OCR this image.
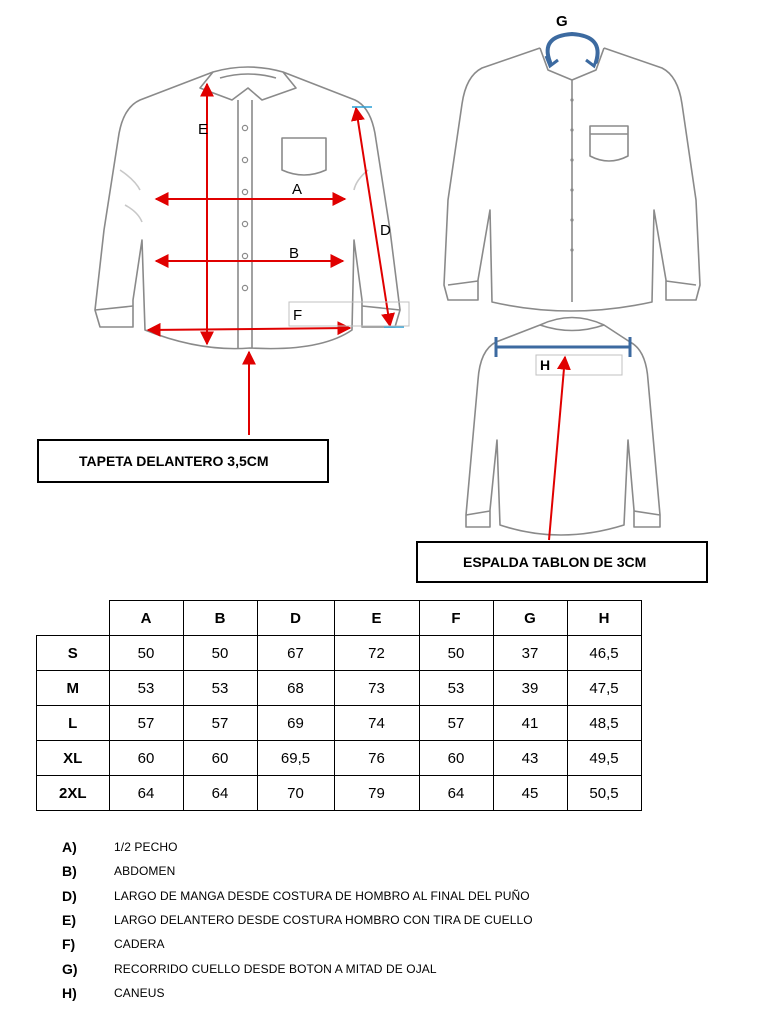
A
B
E
D
F
G
H
TAPETA DELANTERO 3,5CM
ESPALDA TABLON DE 3CM
	A	B	D	E	F	G	H
S	50	50	67	72	50	37	46,5
M	53	53	68	73	53	39	47,5
L	57	57	69	74	57	41	48,5
XL	60	60	69,5	76	60	43	49,5
2XL	64	64	70	79	64	45	50,5
A)	1/2 PECHO
B)	ABDOMEN
D)	LARGO DE MANGA DESDE COSTURA DE HOMBRO AL FINAL DEL PUÑO
E)	LARGO DELANTERO DESDE COSTURA HOMBRO CON TIRA DE CUELLO
F)	CADERA
G)	RECORRIDO CUELLO DESDE BOTON A MITAD DE OJAL
H)	CANEUS
